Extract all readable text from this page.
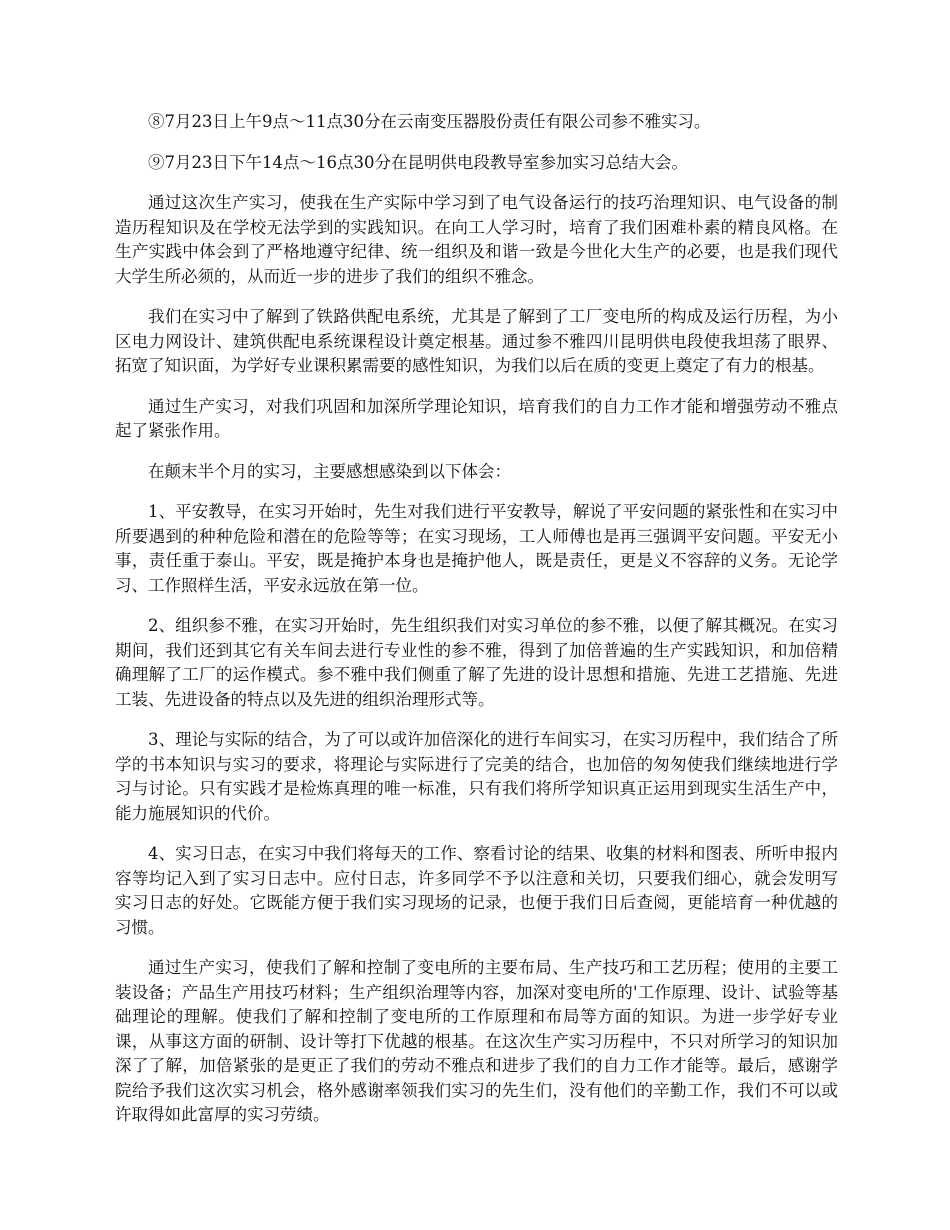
⑧7月23日上午9点～11点30分在云南变压器股份责任有限公司参不雅实习。

⑨7月23日下午14点～16点30分在昆明供电段教导室参加实习总结大会。

通过这次生产实习，使我在生产实际中学习到了电气设备运行的技巧治理知识、电气设备的制造历程知识及在学校无法学到的实践知识。在向工人学习时，培育了我们困难朴素的精良风格。在生产实践中体会到了严格地遵守纪律、统一组织及和谐一致是今世化大生产的必要，也是我们现代大学生所必须的，从而近一步的进步了我们的组织不雅念。

我们在实习中了解到了铁路供配电系统，尤其是了解到了工厂变电所的构成及运行历程，为小区电力网设计、建筑供配电系统课程设计奠定根基。通过参不雅四川昆明供电段使我坦荡了眼界、拓宽了知识面，为学好专业课积累需要的感性知识，为我们以后在质的变更上奠定了有力的根基。

通过生产实习，对我们巩固和加深所学理论知识，培育我们的自力工作才能和增强劳动不雅点起了紧张作用。

在颠末半个月的实习，主要感想感染到以下体会：

1、平安教导，在实习开始时，先生对我们进行平安教导，解说了平安问题的紧张性和在实习中所要遇到的种种危险和潜在的危险等等；在实习现场，工人师傅也是再三强调平安问题。平安无小事，责任重于泰山。平安，既是掩护本身也是掩护他人，既是责任，更是义不容辞的义务。无论学习、工作照样生活，平安永远放在第一位。

2、组织参不雅，在实习开始时，先生组织我们对实习单位的参不雅，以便了解其概况。在实习期间，我们还到其它有关车间去进行专业性的参不雅，得到了加倍普遍的生产实践知识，和加倍精确理解了工厂的运作模式。参不雅中我们侧重了解了先进的设计思想和措施、先进工艺措施、先进工装、先进设备的特点以及先进的组织治理形式等。

3、理论与实际的结合，为了可以或许加倍深化的进行车间实习，在实习历程中，我们结合了所学的书本知识与实习的要求，将理论与实际进行了完美的结合，也加倍的匆匆使我们继续地进行学习与讨论。只有实践才是检炼真理的唯一标准，只有我们将所学知识真正运用到现实生活生产中，能力施展知识的代价。

4、实习日志，在实习中我们将每天的工作、察看讨论的结果、收集的材料和图表、所听申报内容等均记入到了实习日志中。应付日志，许多同学不予以注意和关切，只要我们细心，就会发明写实习日志的好处。它既能方便于我们实习现场的记录，也便于我们日后查阅，更能培育一种优越的习惯。

通过生产实习，使我们了解和控制了变电所的主要布局、生产技巧和工艺历程；使用的主要工装设备；产品生产用技巧材料；生产组织治理等内容，加深对变电所的'工作原理、设计、试验等基础理论的理解。使我们了解和控制了变电所的工作原理和布局等方面的知识。为进一步学好专业课，从事这方面的研制、设计等打下优越的根基。在这次生产实习历程中，不只对所学习的知识加深了了解，加倍紧张的是更正了我们的劳动不雅点和进步了我们的自力工作才能等。最后，感谢学院给予我们这次实习机会，格外感谢率领我们实习的先生们，没有他们的辛勤工作，我们不可以或许取得如此富厚的实习劳绩。
